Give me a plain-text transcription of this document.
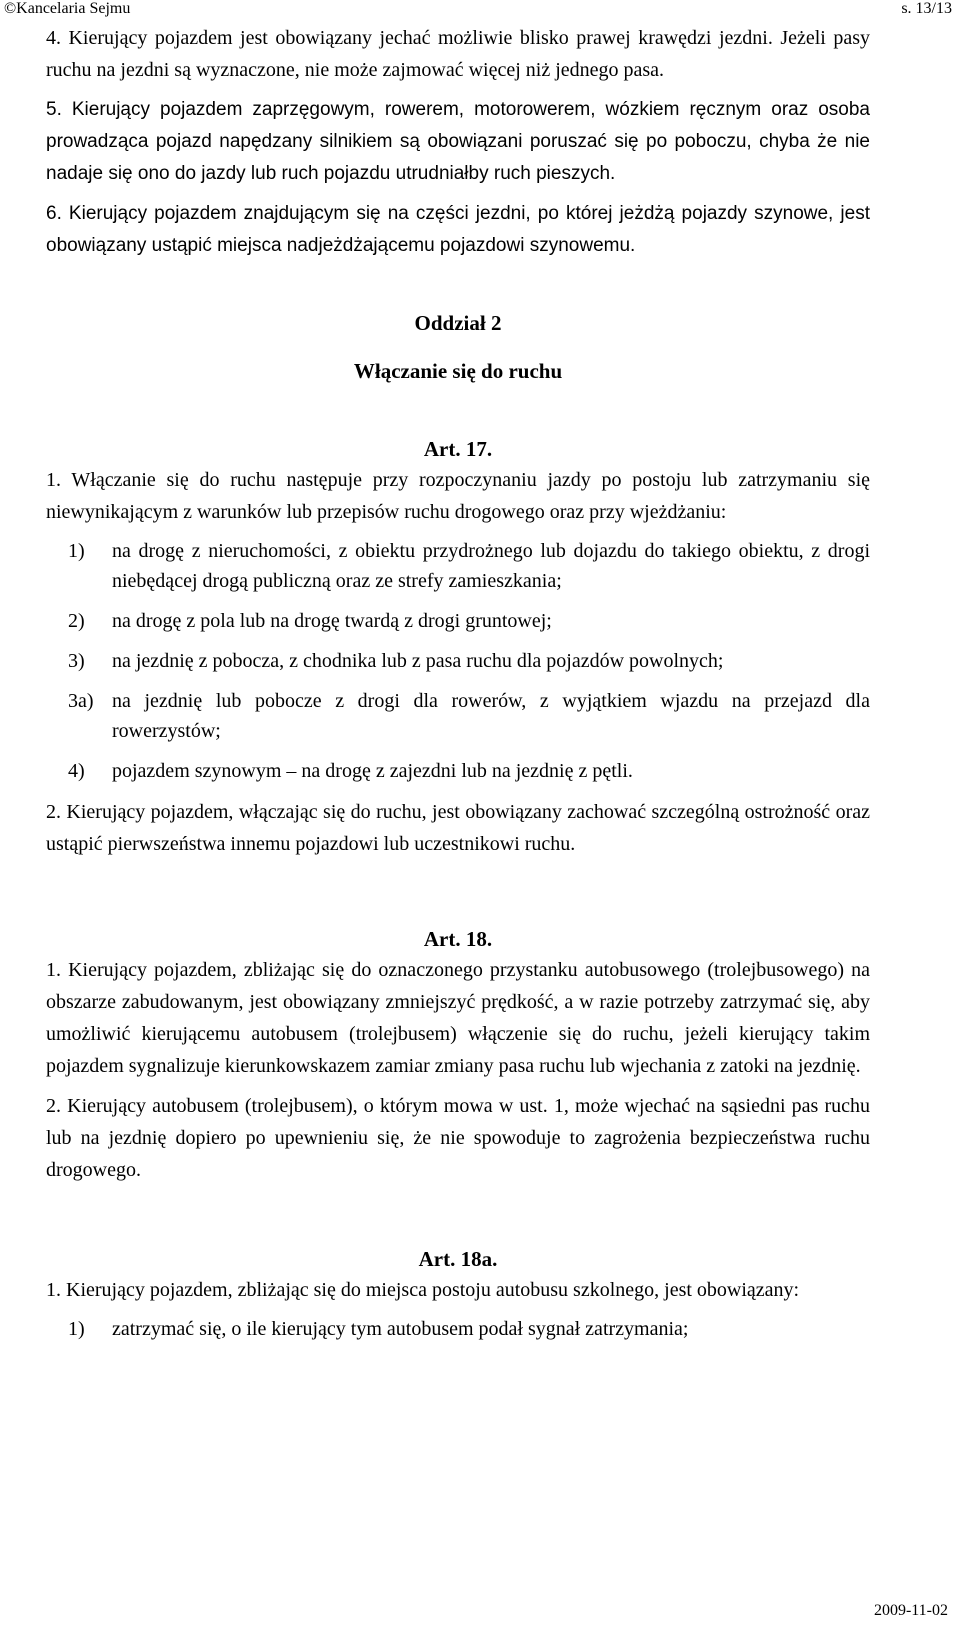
©Kancelaria Sejmu	s. 13/13

4. Kierujący pojazdem jest obowiązany jechać możliwie blisko prawej krawędzi jezdni. Jeżeli pasy ruchu na jezdni są wyznaczone, nie może zajmować więcej niż jednego pasa.

5. Kierujący pojazdem zaprzęgowym, rowerem, motorowerem, wózkiem ręcznym oraz osoba prowadząca pojazd napędzany silnikiem są obowiązani poruszać się po poboczu, chyba że nie nadaje się ono do jazdy lub ruch pojazdu utrudniałby ruch pieszych.

6. Kierujący pojazdem znajdującym się na części jezdni, po której jeżdżą pojazdy szynowe, jest obowiązany ustąpić miejsca nadjeżdżającemu pojazdowi szynowemu.

Oddział 2

Włączanie się do ruchu

Art. 17.

1. Włączanie się do ruchu następuje przy rozpoczynaniu jazdy po postoju lub zatrzymaniu się niewynikającym z warunków lub przepisów ruchu drogowego oraz przy wjeżdżaniu:

1)	na drogę z nieruchomości, z obiektu przydrożnego lub dojazdu do takiego obiektu, z drogi niebędącej drogą publiczną oraz ze strefy zamieszkania;
2)	na drogę z pola lub na drogę twardą z drogi gruntowej;
3)	na jezdnię z pobocza, z chodnika lub z pasa ruchu dla pojazdów powolnych;
3a) na jezdnię lub pobocze z drogi dla rowerów, z wyjątkiem wjazdu na przejazd dla rowerzystów;
4)	pojazdem szynowym – na drogę z zajezdni lub na jezdnię z pętli.

2. Kierujący pojazdem, włączając się do ruchu, jest obowiązany zachować szczególną ostrożność oraz ustąpić pierwszeństwa innemu pojazdowi lub uczestnikowi ruchu.

Art. 18.

1. Kierujący pojazdem, zbliżając się do oznaczonego przystanku autobusowego (trolejbusowego) na obszarze zabudowanym, jest obowiązany zmniejszyć prędkość, a w razie potrzeby zatrzymać się, aby umożliwić kierującemu autobusem (trolejbusem) włączenie się do ruchu, jeżeli kierujący takim pojazdem sygnalizuje kierunkowskazem zamiar zmiany pasa ruchu lub wjechania z zatoki na jezdnię.

2. Kierujący autobusem (trolejbusem), o którym mowa w ust. 1, może wjechać na sąsiedni pas ruchu lub na jezdnię dopiero po upewnieniu się, że nie spowoduje to zagrożenia bezpieczeństwa ruchu drogowego.

Art. 18a.

1. Kierujący pojazdem, zbliżając się do miejsca postoju autobusu szkolnego, jest obowiązany:

1)	zatrzymać się, o ile kierujący tym autobusem podał sygnał zatrzymania;
2009-11-02
